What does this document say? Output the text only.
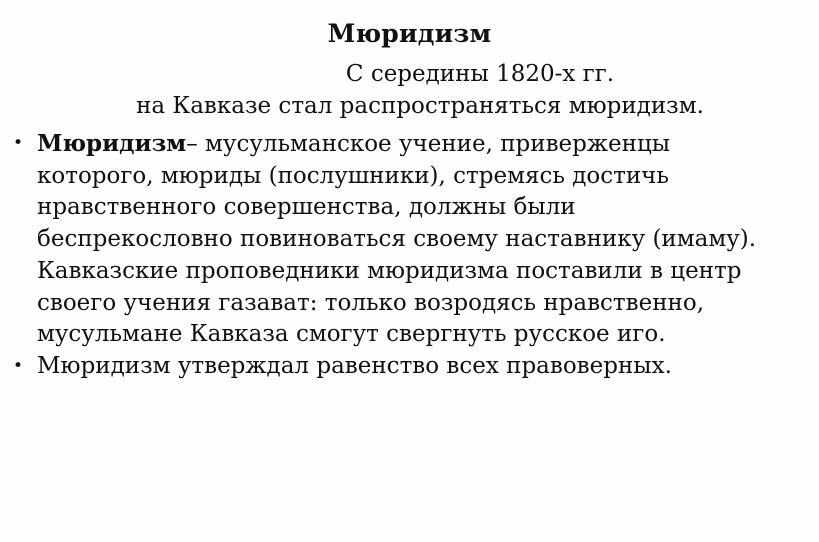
Мюридизм
С середины 1820-х гг.
на Кавказе стал распространяться мюридизм.
• Мюридизм– мусульманское учение, приверженцы
которого, мюриды (послушники), стремясь достичь
нравственного совершенства, должны были
беспрекословно повиноваться своему наставнику (имаму).
Кавказские проповедники мюридизма поставили в центр
своего учения газават: только возродясь нравственно,
мусульмане Кавказа смогут свергнуть русское иго.
• Мюридизм утверждал равенство всех правоверных.
